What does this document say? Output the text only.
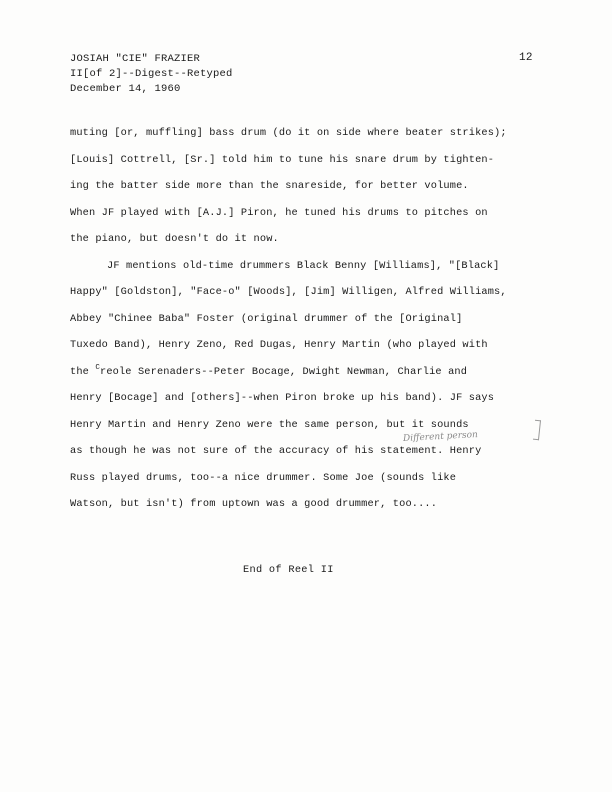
JOSIAH "CIE" FRAZIER
II[of 2]--Digest--Retyped
December 14, 1960
12
muting [or, muffling] bass drum (do it on side where beater strikes);
[Louis] Cottrell, [Sr.] told him to tune his snare drum by tighten-
ing the batter side more than the snareside, for better volume.
When JF played with [A.J.] Piron, he tuned his drums to pitches on
the piano, but doesn't do it now.
JF mentions old-time drummers Black Benny [Williams], "[Black]
Happy" [Goldston], "Face-o" [Woods], [Jim] Willigen, Alfred Williams,
Abbey "Chinee Baba" Foster (original drummer of the [Original]
Tuxedo Band), Henry Zeno, Red Dugas, Henry Martin (who played with
the $^C$reole Serenaders--Peter Bocage, Dwight Newman, Charlie and
Henry [Bocage] and [others]--when Piron broke up his band). JF says
Henry Martin and Henry Zeno were the same person, but it sounds
as though he was not sure of the accuracy of his statement. Henry
Russ played drums, too--a nice drummer. Some Joe (sounds like
Watson, but isn't) from uptown was a good drummer, too....
Different person
End of Reel II
